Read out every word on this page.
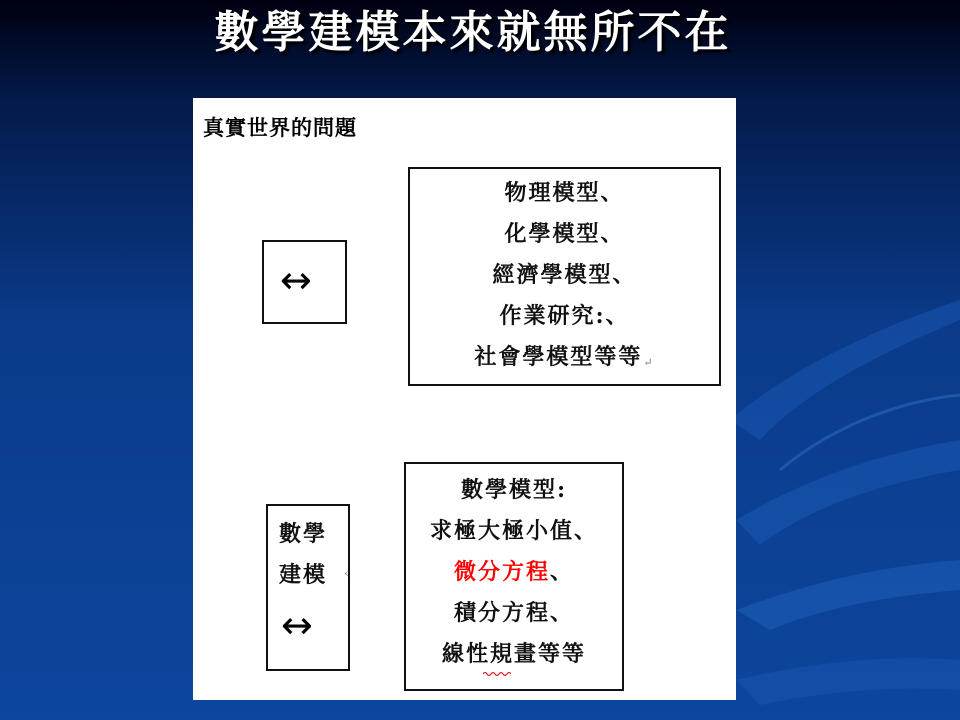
數學建模本來就無所不在
真實世界的問題
↔
物理模型、
化學模型、
經濟學模型、
作業研究:、
社會學模型等等↵
數學
建模
↔
‹
數學模型:
求極大極小值、
微分方程、
積分方程、
線性規畫等等
